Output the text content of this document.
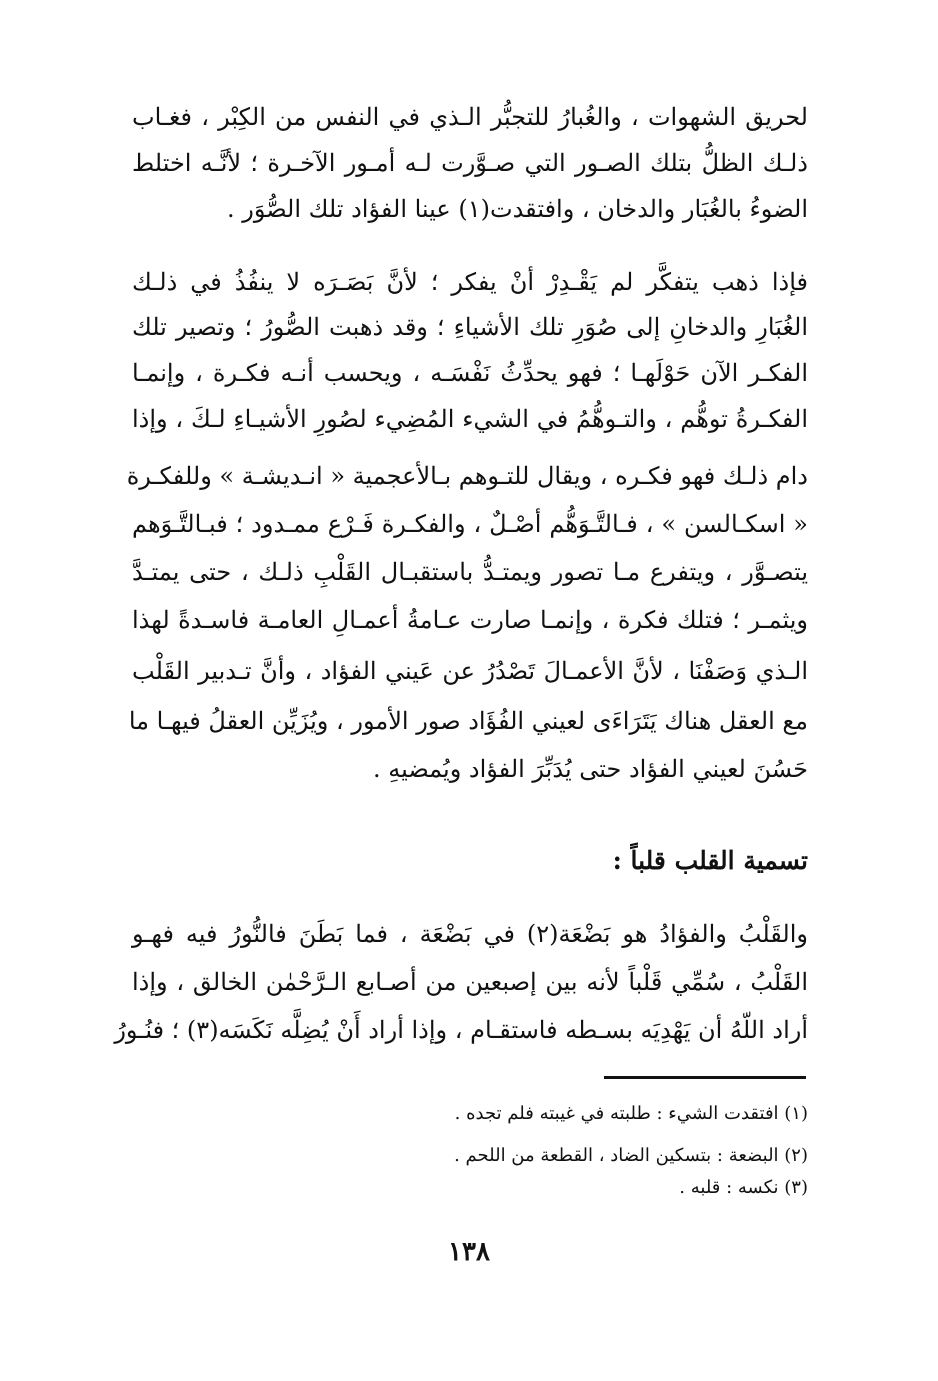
لحريق الشهوات ، والغُبارُ للتجبُّر الـذي في النفس من الكِبْر ، فغـاب
ذلـك الظلُّ بتلك الصـور التي صـوَّرت لـه أمـور الآخـرة ؛ لأنَّـه اختلط
الضوءُ بالغُبَار والدخان ، وافتقدت(١) عينا الفؤاد تلك الصُّوَر .
فإذا ذهب يتفكَّر لم يَقْـدِرْ أنْ يفكر ؛ لأنَّ بَصَـرَه لا ينفُذُ في ذلـك
الغُبَارِ والدخانِ إلى صُوَرِ تلك الأشياءِ ؛ وقد ذهبت الصُّورُ ؛ وتصير تلك
الفكـر الآن حَوْلَهـا ؛ فهو يحدِّثُ نَفْسَـه ، ويحسب أنـه فكـرة ، وإنمـا
الفكـرةُ توهُّم ، والتـوهُّمُ في الشيء المُضِيء لصُورِ الأشيـاءِ لـكَ ، وإذا
دام ذلـك فهو فكـره ، ويقال للتـوهم بـالأعجمية « انـديشـة » وللفكـرة
« اسكـالسن » ، فـالتَّـوَهُّم أصْـلٌ ، والفكـرة فَـرْع ممـدود ؛ فبـالتَّـوَهم
يتصـوَّر ، ويتفرع مـا تصور ويمتـدُّ باستقبـال القَلْبِ ذلـك ، حتى يمتـدَّ
ويثمـر ؛ فتلك فكرة ، وإنمـا صارت عـامةُ أعمـالِ العامـة فاسـدةً لهذا
الـذي وَصَفْنَا ، لأنَّ الأعمـالَ تَصْدُرُ عن عَيني الفؤاد ، وأنَّ تـدبير القَلْب
مع العقل هناك يَتَرَاءَى لعيني الفُؤَاد صور الأمور ، ويُزَيِّن العقلُ فيهـا ما
حَسُنَ لعيني الفؤاد حتى يُدَبِّرَ الفؤاد ويُمضيهِ .
تسمية القلب قلباً :
والقَلْبُ والفؤادُ هو بَضْعَة(٢) في بَضْعَة ، فما بَطَنَ فالنُّورُ فيه فهـو
القَلْبُ ، سُمِّي قَلْباً لأنه بين إصبعين من أصـابع الـرَّحْمٰن الخالق ، وإذا
أراد اللّهُ أن يَهْدِيَه بسـطه فاستقـام ، وإذا أراد أَنْ يُضِلَّه نَكَسَه(٣) ؛ فنُـورُ
(١) افتقدت الشيء : طلبته في غيبته فلم تجده .
(٢) البضعة : بتسكين الضاد ، القطعة من اللحم .
(٣) نكسه : قلبه .
١٣٨
